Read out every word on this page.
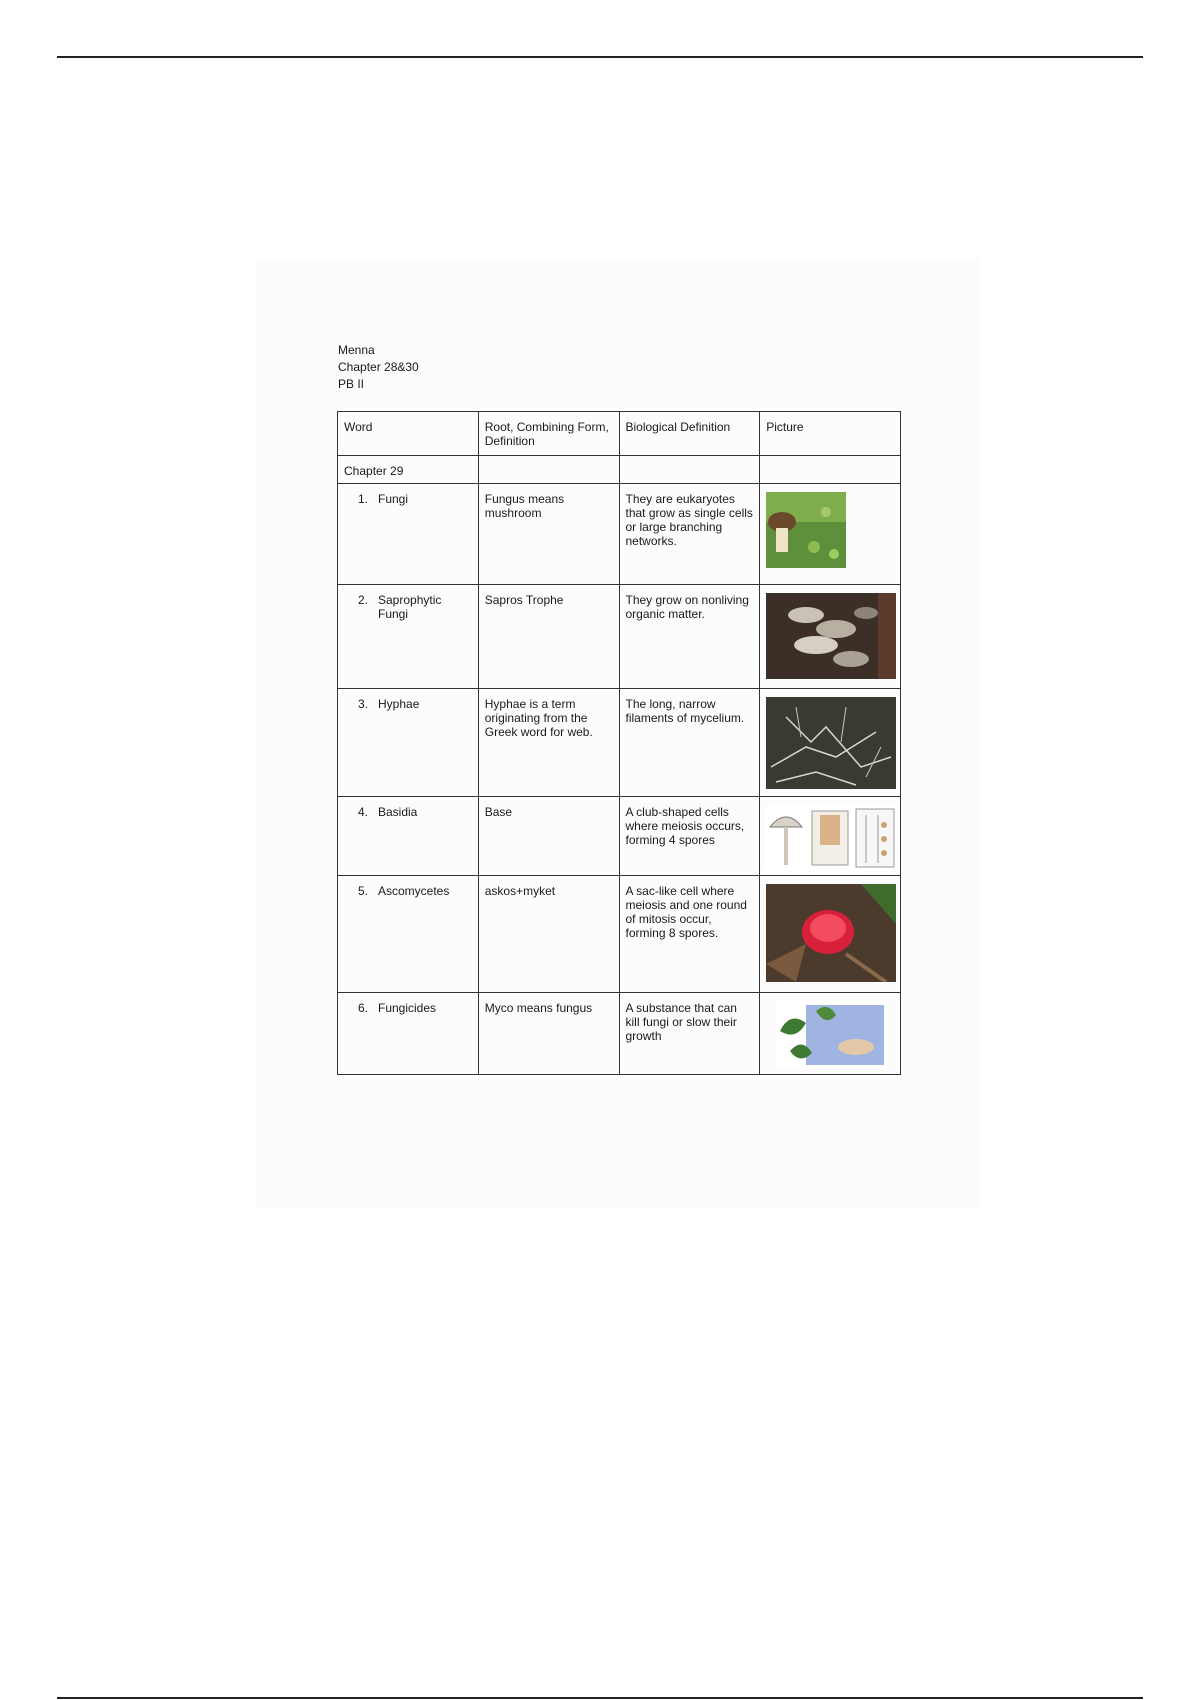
Menna
Chapter 28&30
PB II
Word	Root, Combining Form, Definition	Biological Definition	Picture
Chapter 29			
1. Fungi	Fungus means mushroom	They are eukaryotes that grow as single cells or large branching networks.	

2. Saprophytic Fungi	Sapros Trophe	They grow on nonliving organic matter.	

3. Hyphae	Hyphae is a term originating from the Greek word for web.	The long, narrow filaments of mycelium.	

4. Basidia	Base	A club-shaped cells where meiosis occurs, forming 4 spores	

5. Ascomycetes	askos+myket	A sac-like cell where meiosis and one round of mitosis occur, forming 8 spores.	

6. Fungicides	Myco means fungus	A substance that can kill fungi or slow their growth	
